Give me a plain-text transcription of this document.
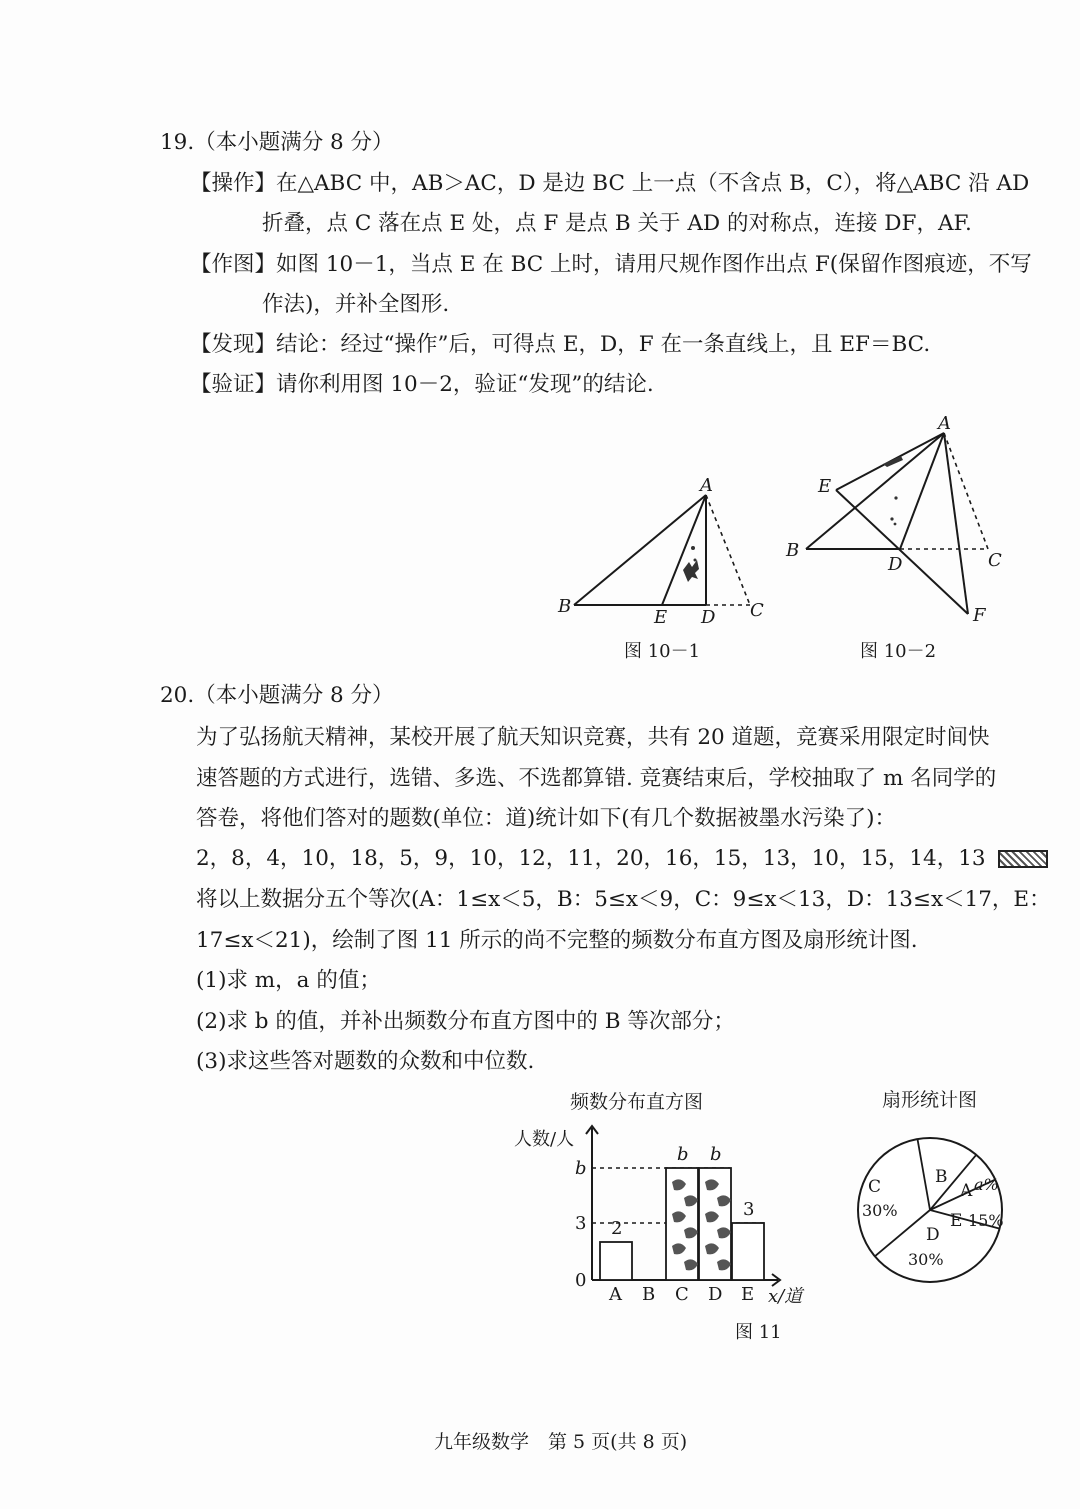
19.（本小题满分 8 分）
【操作】在△ABC 中，AB＞AC，D 是边 BC 上一点（不含点 B，C），将△ABC 沿 AD
折叠，点 C 落在点 E 处，点 F 是点 B 关于 AD 的对称点，连接 DF，AF.
【作图】如图 10－1，当点 E 在 BC 上时，请用尺规作图作出点 F(保留作图痕迹，不写
作法)，并补全图形.
【发现】结论：经过“操作”后，可得点 E，D，F 在一条直线上，且 EF＝BC.
【验证】请你利用图 10－2，验证“发现”的结论.
A
B
E D C
图 10－1
A
E
B
D	C
F
图 10－2
20.（本小题满分 8 分）
为了弘扬航天精神，某校开展了航天知识竞赛，共有 20 道题，竞赛采用限定时间快
速答题的方式进行，选错、多选、不选都算错. 竞赛结束后，学校抽取了 m 名同学的
答卷，将他们答对的题数(单位：道)统计如下(有几个数据被墨水污染了)：
2，8，4，10，18，5，9，10，12，11，20，16，15，13，10，15，14，13
将以上数据分五个等次(A：1≤x＜5，B：5≤x＜9，C：9≤x＜13，D：13≤x＜17，E：
17≤x＜21)，绘制了图 11 所示的尚不完整的频数分布直方图及扇形统计图.
(1)求 m，a 的值；
(2)求 b 的值，并补出频数分布直方图中的 B 等次部分；
(3)求这些答对题数的众数和中位数.
频数分布直方图
人数/人
x/道
0
3
b
2
A B
b
C
b
D
3
E
图 11
扇形统计图
C
30%
B
A a%
E 15%
D
30%
九年级数学　第 5 页(共 8 页)
